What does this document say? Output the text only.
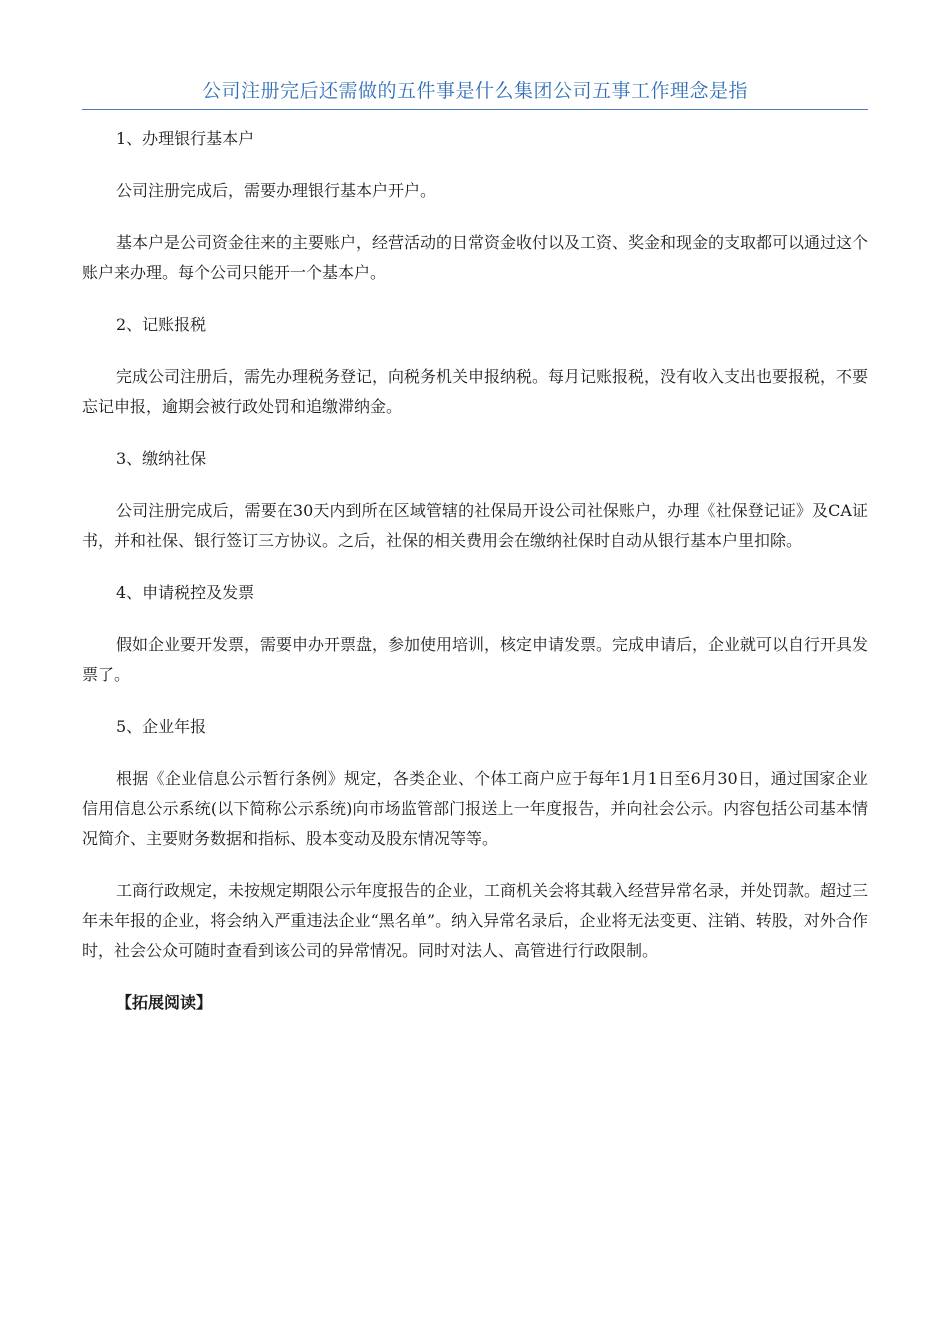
公司注册完后还需做的五件事是什么集团公司五事工作理念是指

1、办理银行基本户

公司注册完成后，需要办理银行基本户开户。

基本户是公司资金往来的主要账户，经营活动的日常资金收付以及工资、奖金和现金的支取都可以通过这个账户来办理。每个公司只能开一个基本户。

2、记账报税

完成公司注册后，需先办理税务登记，向税务机关申报纳税。每月记账报税，没有收入支出也要报税，不要忘记申报，逾期会被行政处罚和追缴滞纳金。

3、缴纳社保

公司注册完成后，需要在30天内到所在区域管辖的社保局开设公司社保账户，办理《社保登记证》及CA证书，并和社保、银行签订三方协议。之后，社保的相关费用会在缴纳社保时自动从银行基本户里扣除。

4、申请税控及发票

假如企业要开发票，需要申办开票盘，参加使用培训，核定申请发票。完成申请后，企业就可以自行开具发票了。

5、企业年报

根据《企业信息公示暂行条例》规定，各类企业、个体工商户应于每年1月1日至6月30日，通过国家企业信用信息公示系统(以下简称公示系统)向市场监管部门报送上一年度报告，并向社会公示。内容包括公司基本情况简介、主要财务数据和指标、股本变动及股东情况等等。

工商行政规定，未按规定期限公示年度报告的企业，工商机关会将其载入经营异常名录，并处罚款。超过三年未年报的企业，将会纳入严重违法企业“黑名单”。纳入异常名录后，企业将无法变更、注销、转股，对外合作时，社会公众可随时查看到该公司的异常情况。同时对法人、高管进行行政限制。

【拓展阅读】
